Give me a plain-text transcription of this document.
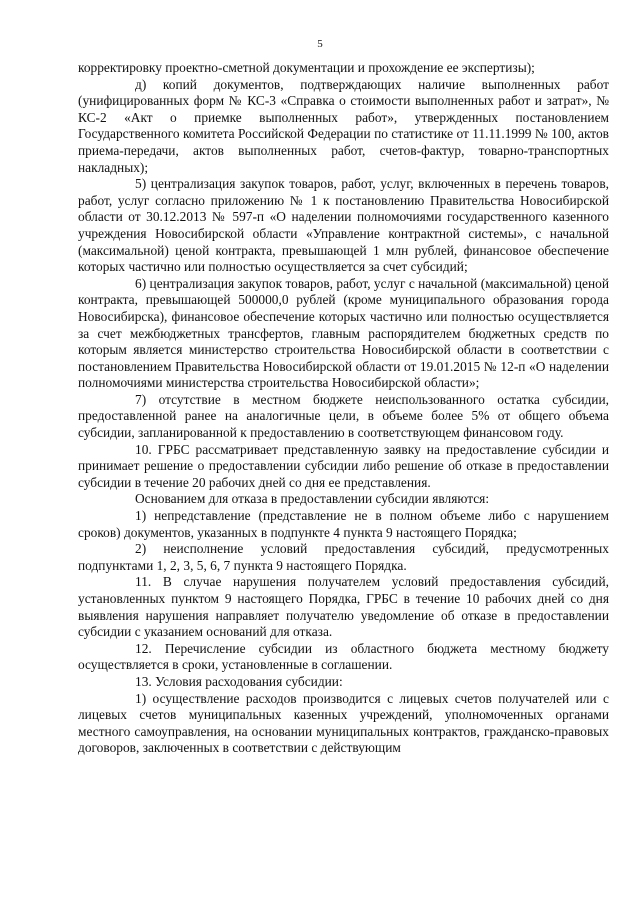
5

корректировку проектно-сметной документации и прохождение ее экспертизы);

д) копий документов, подтверждающих наличие выполненных работ (унифицированных форм № КС-3 «Справка о стоимости выполненных работ и затрат», № КС-2 «Акт о приемке выполненных работ», утвержденных постановлением Государственного комитета Российской Федерации по статистике от 11.11.1999 № 100, актов приема-передачи, актов выполненных работ, счетов-фактур, товарно-транспортных накладных);

5) централизация закупок товаров, работ, услуг, включенных в перечень товаров, работ, услуг согласно приложению № 1 к постановлению Правительства Новосибирской области от 30.12.2013 № 597-п «О наделении полномочиями государственного казенного учреждения Новосибирской области «Управление контрактной системы», с начальной (максимальной) ценой контракта, превышающей 1 млн рублей, финансовое обеспечение которых частично или полностью осуществляется за счет субсидий;

6) централизация закупок товаров, работ, услуг с начальной (максимальной) ценой контракта, превышающей 500000,0 рублей (кроме муниципального образования города Новосибирска), финансовое обеспечение которых частично или полностью осуществляется за счет межбюджетных трансфертов, главным распорядителем бюджетных средств по которым является министерство строительства Новосибирской области в соответствии с постановлением Правительства Новосибирской области от 19.01.2015 № 12-п «О наделении полномочиями министерства строительства Новосибирской области»;

7) отсутствие в местном бюджете неиспользованного остатка субсидии, предоставленной ранее на аналогичные цели, в объеме более 5% от общего объема субсидии, запланированной к предоставлению в соответствующем финансовом году.

10. ГРБС рассматривает представленную заявку на предоставление субсидии и принимает решение о предоставлении субсидии либо решение об отказе в предоставлении субсидии в течение 20 рабочих дней со дня ее представления.

Основанием для отказа в предоставлении субсидии являются:

1) непредставление (представление не в полном объеме либо с нарушением сроков) документов, указанных в подпункте 4 пункта 9 настоящего Порядка;

2) неисполнение условий предоставления субсидий, предусмотренных подпунктами 1, 2, 3, 5, 6, 7 пункта 9 настоящего Порядка.

11. В случае нарушения получателем условий предоставления субсидий, установленных пунктом 9 настоящего Порядка, ГРБС в течение 10 рабочих дней со дня выявления нарушения направляет получателю уведомление об отказе в предоставлении субсидии с указанием оснований для отказа.

12. Перечисление субсидии из областного бюджета местному бюджету осуществляется в сроки, установленные в соглашении.

13. Условия расходования субсидии:

1) осуществление расходов производится с лицевых счетов получателей или с лицевых счетов муниципальных казенных учреждений, уполномоченных органами местного самоуправления, на основании муниципальных контрактов, гражданско-правовых договоров, заключенных в соответствии с действующим
